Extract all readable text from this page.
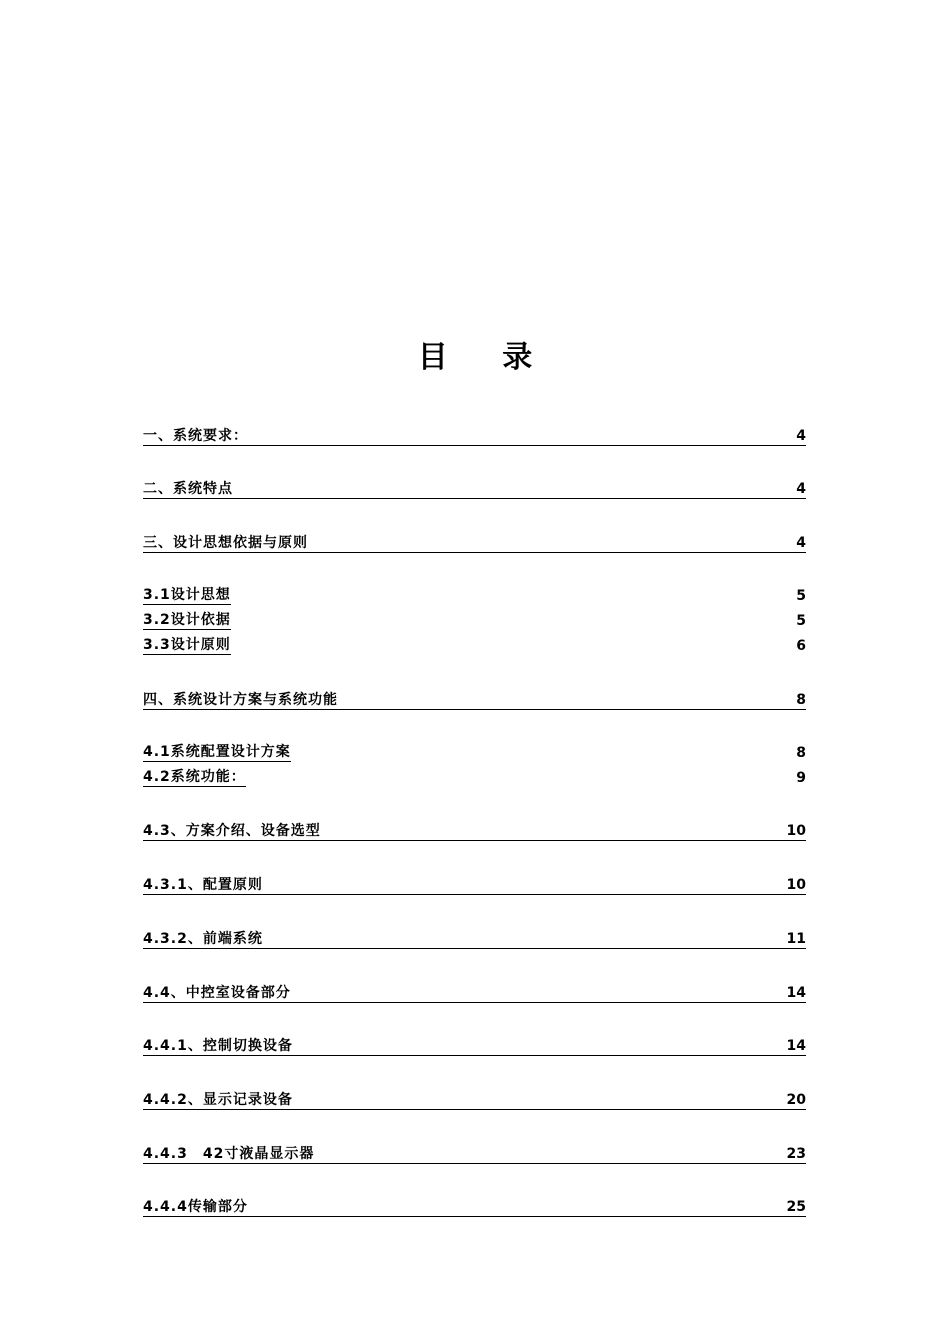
目 录
一、系统要求：	4
二、系统特点	4
三、设计思想依据与原则	4
3.1设计思想	5
3.2设计依据	5
3.3设计原则	6
四、系统设计方案与系统功能	8
4.1系统配置设计方案	8
4.2系统功能：	9
4.3、方案介绍、设备选型	10
4.3.1、配置原则	10
4.3.2、前端系统	11
4.4、中控室设备部分	14
4.4.1、控制切换设备	14
4.4.2、显示记录设备	20
4.4.3　42寸液晶显示器	23
4.4.4传输部分	25
